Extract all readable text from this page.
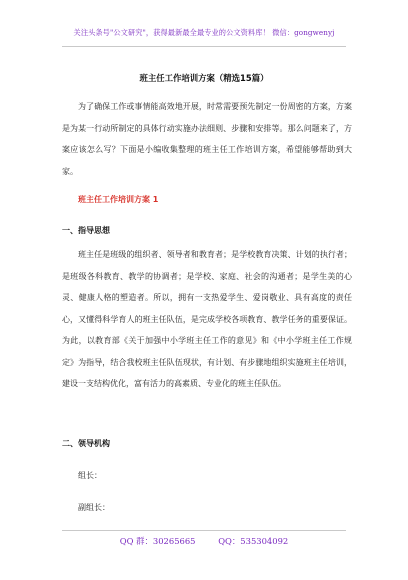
关注头条号"公文研究"，获得最新最全最专业的公文资料库！ 微信：gongwenyj
班主任工作培训方案（精选15篇）

为了确保工作或事情能高效地开展，时常需要预先制定一份周密的方案，方案是为某一行动所制定的具体行动实施办法细则、步骤和安排等。那么问题来了，方案应该怎么写？下面是小编收集整理的班主任工作培训方案，希望能够帮助到大家。

班主任工作培训方案 1
一、指导思想

班主任是班级的组织者、领导者和教育者；是学校教育决策、计划的执行者；是班级各科教育、教学的协调者；是学校、家庭、社会的沟通者；是学生美的心灵、健康人格的塑造者。所以，拥有一支热爱学生、爱岗敬业、具有高度的责任心，又懂得科学育人的班主任队伍，是完成学校各项教育、教学任务的重要保证。为此，以教育部《关于加强中小学班主任工作的意见》和《中小学班主任工作规定》为指导，结合我校班主任队伍现状，有计划、有步骤地组织实施班主任培训，建设一支结构优化，富有活力的高素质、专业化的班主任队伍。

二、领导机构
组长：
副组长：
QQ 群：30265665	QQ：535304092
